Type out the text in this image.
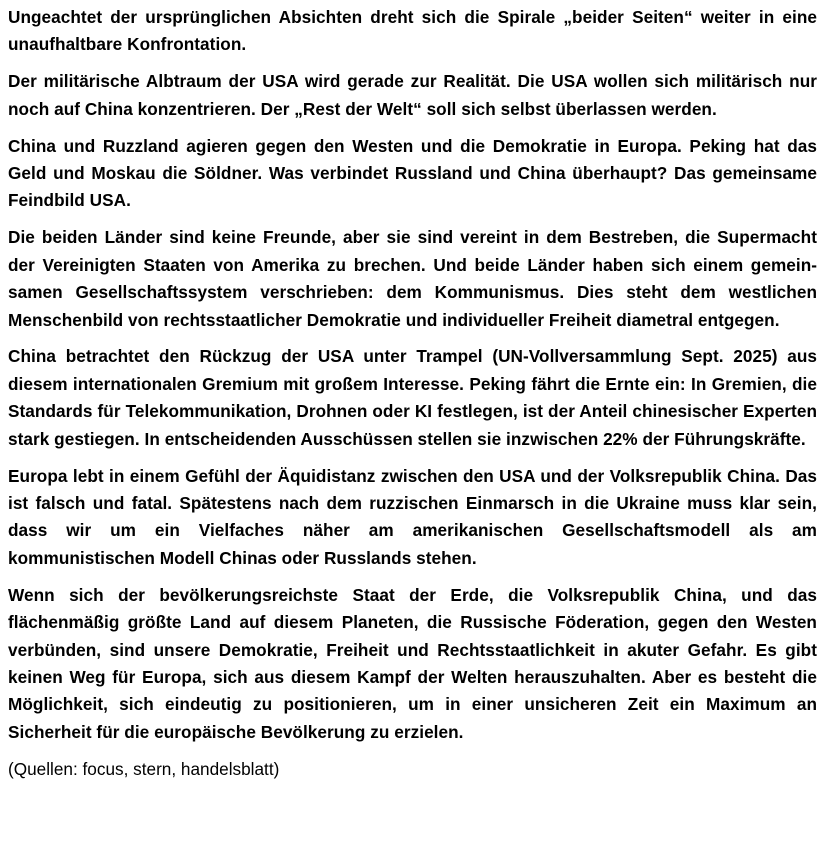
Ungeachtet der ursprünglichen Absichten dreht sich die Spirale „beider Seiten“ weiter in eine unaufhaltbare Konfrontation.

Der militärische Albtraum der USA wird gerade zur Realität. Die USA wollen sich militärisch nur noch auf China konzentrieren. Der „Rest der Welt“ soll sich selbst überlassen werden.

China und Ruzzland agieren gegen den Westen und die Demokratie in Europa. Peking hat das Geld und Moskau die Söldner. Was verbindet Russland und China überhaupt? Das gemeinsame Feindbild USA.

Die beiden Länder sind keine Freunde, aber sie sind vereint in dem Bestreben, die Supermacht der Vereinigten Staaten von Amerika zu brechen. Und beide Länder haben sich einem gemeinsamen Gesellschaftssystem verschrieben: dem Kommunismus. Dies steht dem westlichen Menschenbild von rechtsstaatlicher Demokratie und individueller Freiheit diametral entgegen.

China betrachtet den Rückzug der USA unter Trampel (UN-Vollversammlung Sept. 2025) aus diesem internationalen Gremium mit großem Interesse. Peking fährt die Ernte ein: In Gremien, die Standards für Telekommunikation, Drohnen oder KI festlegen, ist der Anteil chinesischer Experten stark gestiegen. In entscheidenden Ausschüssen stellen sie inzwischen 22% der Führungskräfte.

Europa lebt in einem Gefühl der Äquidistanz zwischen den USA und der Volksrepublik China. Das ist falsch und fatal. Spätestens nach dem ruzzischen Einmarsch in die Ukraine muss klar sein, dass wir um ein Vielfaches näher am amerikanischen Gesellschaftsmodell als am kommunistischen Modell Chinas oder Russlands stehen.

Wenn sich der bevölkerungsreichste Staat der Erde, die Volksrepublik China, und das flächenmäßig größte Land auf diesem Planeten, die Russische Föderation, gegen den Westen verbünden, sind unsere Demokratie, Freiheit und Rechtsstaatlichkeit in akuter Gefahr. Es gibt keinen Weg für Europa, sich aus diesem Kampf der Welten herauszuhalten. Aber es besteht die Möglichkeit, sich eindeutig zu positionieren, um in einer unsicheren Zeit ein Maximum an Sicherheit für die europäische Bevölkerung zu erzielen.

(Quellen: focus, stern, handelsblatt)
